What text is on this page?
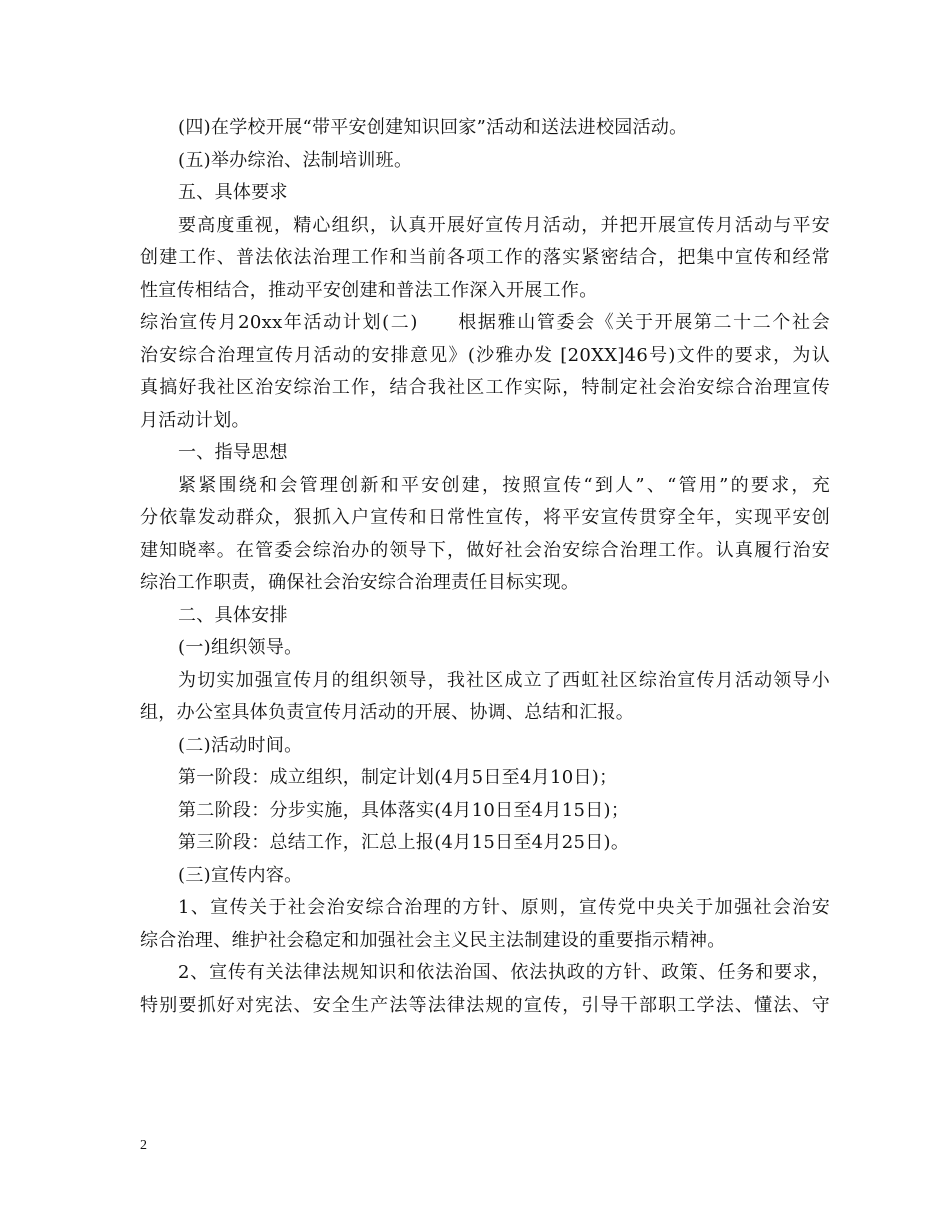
(四)在学校开展“带平安创建知识回家”活动和送法进校园活动。
(五)举办综治、法制培训班。
五、具体要求
要高度重视，精心组织，认真开展好宣传月活动，并把开展宣传月活动与平安
创建工作、普法依法治理工作和当前各项工作的落实紧密结合，把集中宣传和经常
性宣传相结合，推动平安创建和普法工作深入开展工作。
综治宣传月20xx年活动计划(二)　　根据雅山管委会《关于开展第二十二个社会
治安综合治理宣传月活动的安排意见》(沙雅办发 [20XX]46号)文件的要求，为认
真搞好我社区治安综治工作，结合我社区工作实际，特制定社会治安综合治理宣传
月活动计划。
一、指导思想
紧紧围绕和会管理创新和平安创建，按照宣传“到人”、“管用”的要求，充
分依靠发动群众，狠抓入户宣传和日常性宣传，将平安宣传贯穿全年，实现平安创
建知晓率。在管委会综治办的领导下，做好社会治安综合治理工作。认真履行治安
综治工作职责，确保社会治安综合治理责任目标实现。
二、具体安排
(一)组织领导。
为切实加强宣传月的组织领导，我社区成立了西虹社区综治宣传月活动领导小
组，办公室具体负责宣传月活动的开展、协调、总结和汇报。
(二)活动时间。
第一阶段：成立组织，制定计划(4月5日至4月10日)；
第二阶段：分步实施，具体落实(4月10日至4月15日)；
第三阶段：总结工作，汇总上报(4月15日至4月25日)。
(三)宣传内容。
1、宣传关于社会治安综合治理的方针、原则，宣传党中央关于加强社会治安
综合治理、维护社会稳定和加强社会主义民主法制建设的重要指示精神。
2、宣传有关法律法规知识和依法治国、依法执政的方针、政策、任务和要求，
特别要抓好对宪法、安全生产法等法律法规的宣传，引导干部职工学法、懂法、守
2
